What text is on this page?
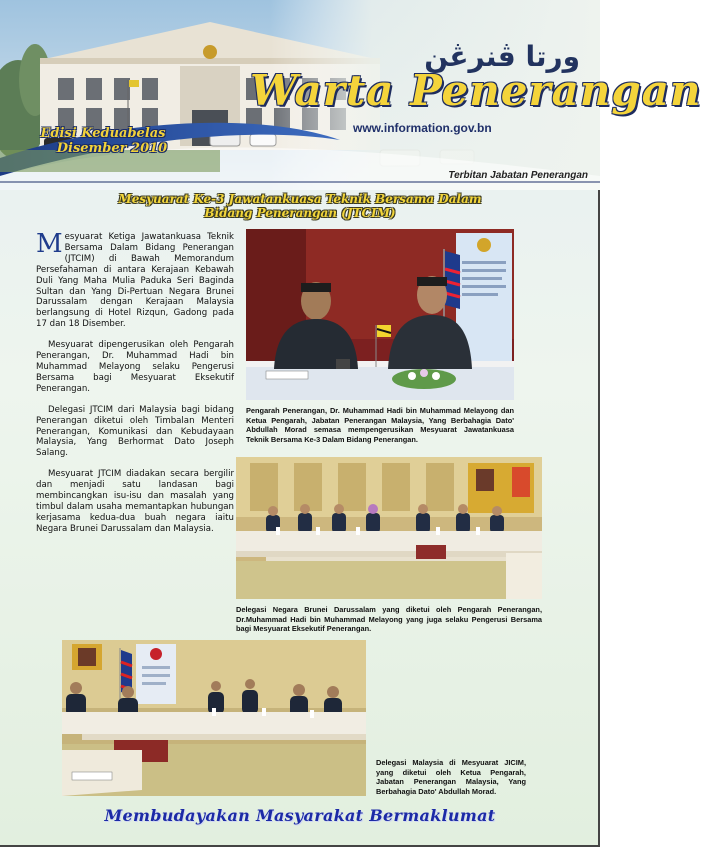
ورتا ڤنرڠن
Warta Penerangan
www.information.gov.bn
Edisi Keduabelas

Disember 2010
Terbitan Jabatan Penerangan
Mesyuarat Ke-3 Jawatankuasa Teknik Bersama Dalam
Bidang Penerangan (JTCIM)

Mesyuarat Ketiga Jawatankuasa Teknik Bersama Dalam Bidang Penerangan (JTCIM) di Bawah Memorandum Persefahaman di antara Kerajaan Kebawah Duli Yang Maha Mulia Paduka Seri Baginda Sultan dan Yang Di-Pertuan Negara Brunei Darussalam dengan Kerajaan Malaysia berlangsung di Hotel Rizqun, Gadong pada 17 dan 18 Disember.

Mesyuarat dipengerusikan oleh Pengarah Penerangan, Dr. Muhammad Hadi bin Muhammad Melayong selaku Pengerusi Bersama bagi Mesyuarat Eksekutif Penerangan.

Delegasi JTCIM dari Malaysia bagi bidang Penerangan diketui oleh Timbalan Menteri Penerangan, Komunikasi dan Kebudayaan Malaysia, Yang Berhormat Dato Joseph Salang.

Mesyuarat JTCIM diadakan secara bergilir dan menjadi satu landasan bagi membincangkan isu-isu dan masalah yang timbul dalam usaha memantapkan hubungan kerjasama kedua-dua buah negara iaitu Negara Brunei Darussalam dan Malaysia.

Pengarah Penerangan, Dr. Muhammad Hadi bin Muhammad Melayong dan Ketua Pengarah, Jabatan Penerangan Malaysia, Yang Berbahagia Dato' Abdullah Morad semasa mempengerusikan Mesyuarat Jawatankuasa Teknik Bersama Ke-3 Dalam Bidang Penerangan.
Delegasi Negara Brunei Darussalam yang diketui oleh Pengarah Penerangan, Dr.Muhammad Hadi bin Muhammad Melayong yang juga selaku Pengerusi Bersama bagi Mesyuarat Eksekutif Penerangan.
Delegasi Malaysia di Mesyuarat JICIM, yang diketui oleh Ketua Pengarah, Jabatan Penerangan Malaysia, Yang Berbahagia Dato' Abdullah Morad.
Membudayakan Masyarakat Bermaklumat
